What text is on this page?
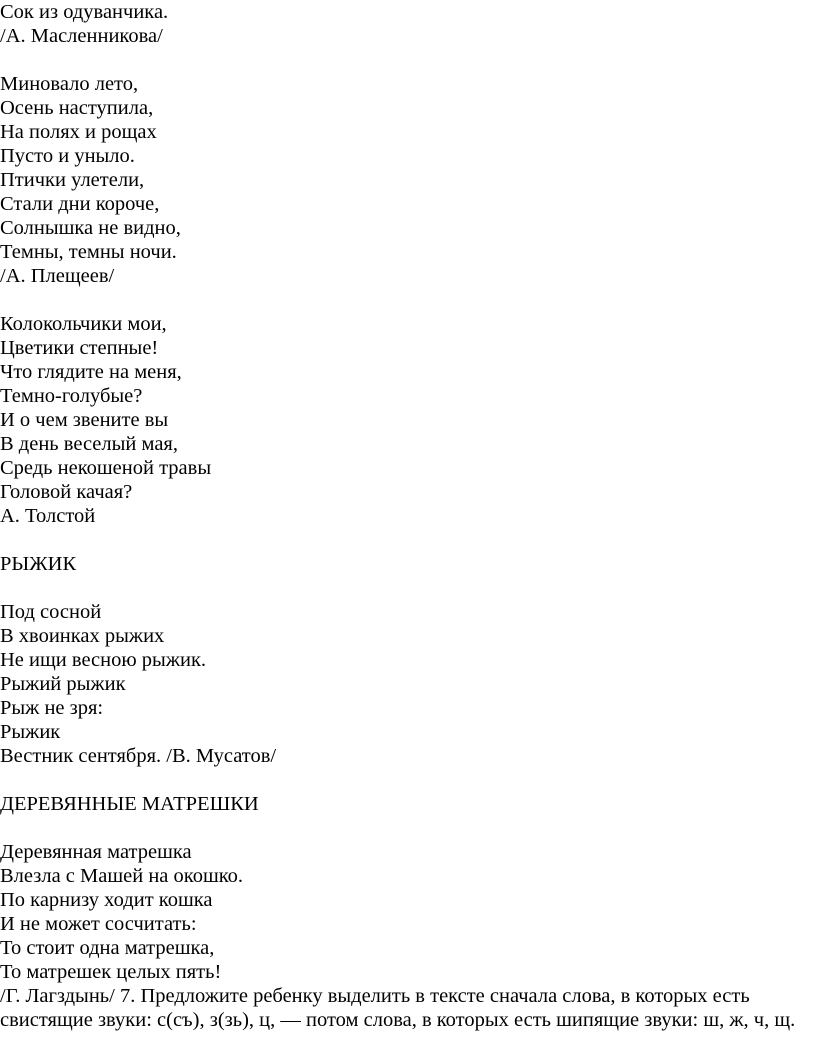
Сок из одуванчика.

/А. Масленникова/

Миновало лето,

Осень наступила,

На полях и рощах

Пусто и уныло.

Птички улетели,

Стали дни короче,

Солнышка не видно,

Темны, темны ночи.

/А. Плещеев/

Колокольчики мои,

Цветики степные!

Что глядите на меня,

Темно-голубые?

И о чем звените вы

В день веселый мая,

Средь некошеной травы

Головой качая?

А. Толстой

РЫЖИК

Под сосной

В хвоинках рыжих

Не ищи весною рыжик.

Рыжий рыжик

Рыж не зря:

Рыжик

Вестник сентября. /В. Мусатов/

ДЕРЕВЯННЫЕ МАТРЕШКИ

Деревянная матрешка

Влезла с Машей на окошко.

По карнизу ходит кошка

И не может сосчитать:

То стоит одна матрешка,

То матрешек целых пять!

/Г. Лагздынь/ 7. Предложите ребенку выделить в тексте сначала слова, в которых есть свистящие звуки: с(съ), з(зь), ц, — потом слова, в которых есть шипящие звуки: ш, ж, ч, щ.
